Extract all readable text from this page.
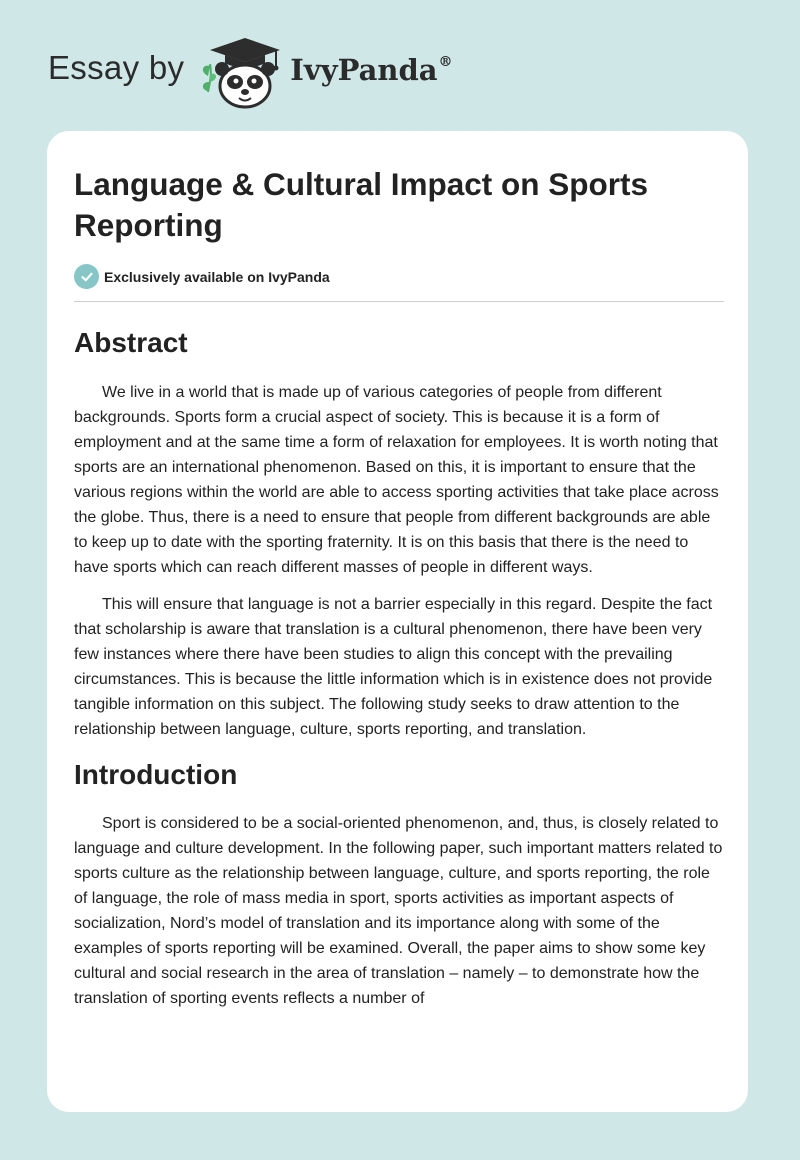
Essay by	IvyPanda®
Language & Cultural Impact on Sports Reporting
Exclusively available on IvyPanda
Abstract

We live in a world that is made up of various categories of people from different backgrounds. Sports form a crucial aspect of society. This is because it is a form of employment and at the same time a form of relaxation for employees. It is worth noting that sports are an international phenomenon. Based on this, it is important to ensure that the various regions within the world are able to access sporting activities that take place across the globe. Thus, there is a need to ensure that people from different backgrounds are able to keep up to date with the sporting fraternity. It is on this basis that there is the need to have sports which can reach different masses of people in different ways.

This will ensure that language is not a barrier especially in this regard. Despite the fact that scholarship is aware that translation is a cultural phenomenon, there have been very few instances where there have been studies to align this concept with the prevailing circumstances. This is because the little information which is in existence does not provide tangible information on this subject. The following study seeks to draw attention to the relationship between language, culture, sports reporting, and translation.

Introduction

Sport is considered to be a social-oriented phenomenon, and, thus, is closely related to language and culture development. In the following paper, such important matters related to sports culture as the relationship between language, culture, and sports reporting, the role of language, the role of mass media in sport, sports activities as important aspects of socialization, Nord’s model of translation and its importance along with some of the examples of sports reporting will be examined. Overall, the paper aims to show some key cultural and social research in the area of translation – namely – to demonstrate how the translation of sporting events reflects a number of
